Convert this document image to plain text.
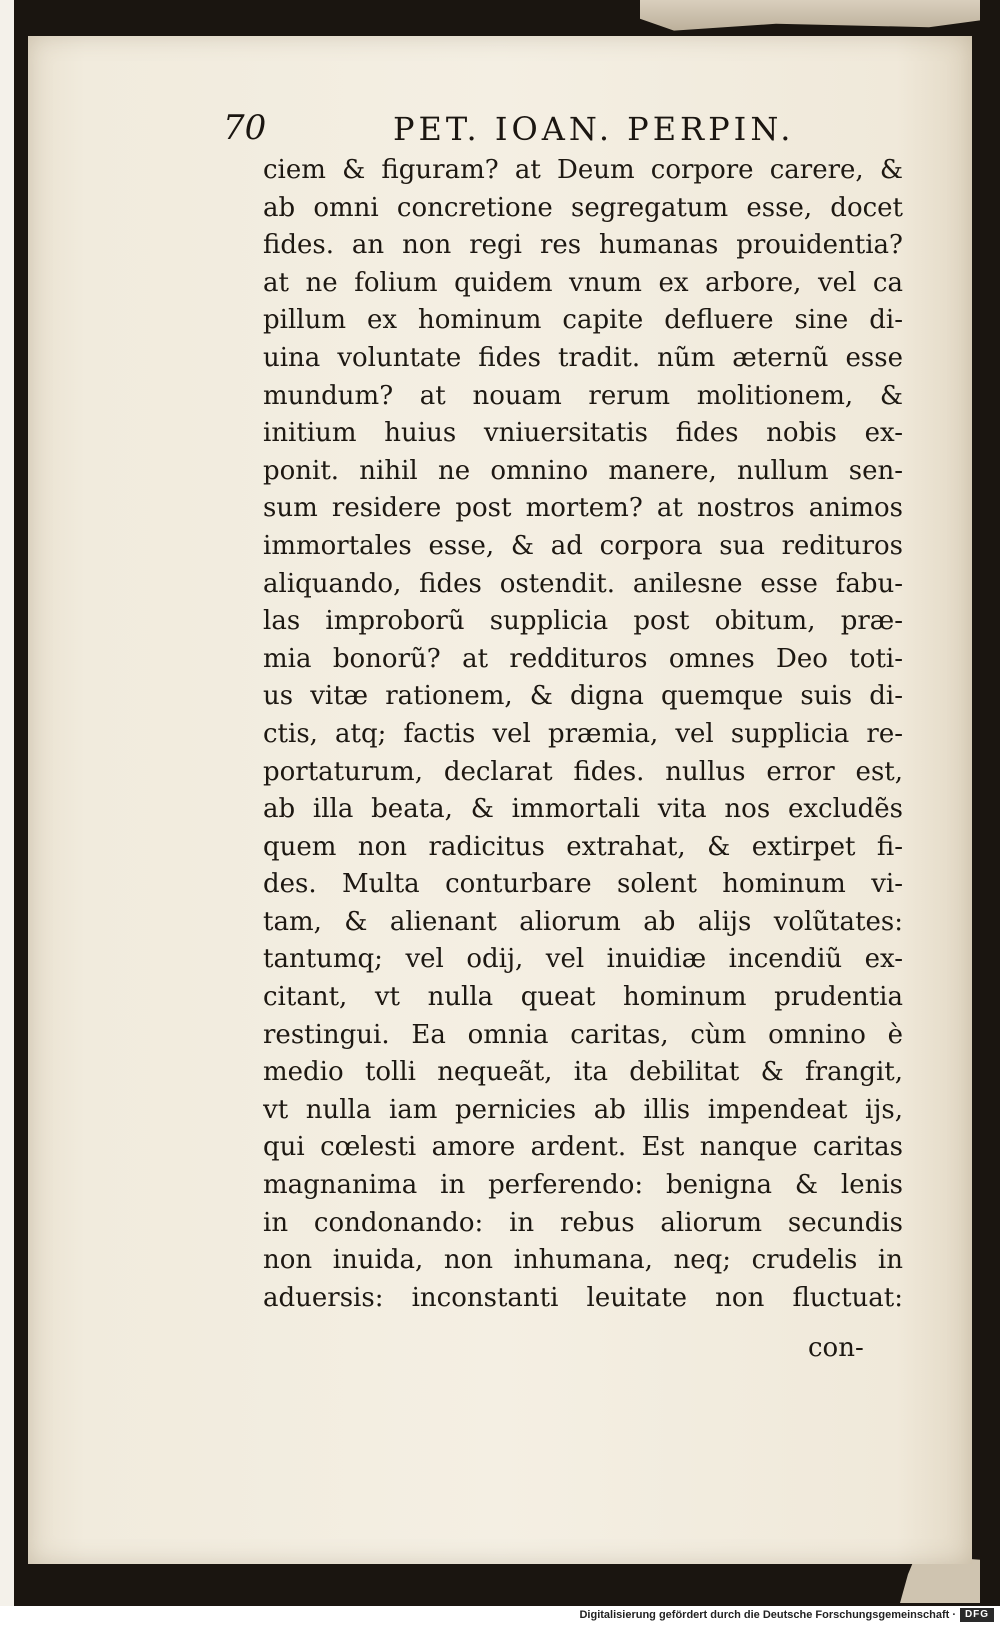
70	PET. IOAN. PERPIN.
ciem & figuram? at Deum corpore carere, &
ab omni concretione segregatum esse, docet
fides. an non regi res humanas prouidentia?
at ne folium quidem vnum ex arbore, vel ca
pillum ex hominum capite defluere sine di-
uina voluntate fides tradit. nũm æternũ esse
mundum? at nouam rerum molitionem, &
initium huius vniuersitatis fides nobis ex-
ponit. nihil ne omnino manere, nullum sen-
sum residere post mortem? at nostros animos
immortales esse, & ad corpora sua redituros
aliquando, fides ostendit. anilesne esse fabu-
las improborũ supplicia post obitum, præ-
mia bonorũ? at reddituros omnes Deo toti-
us vitæ rationem, & digna quemque suis di-
ctis, atq; factis vel præmia, vel supplicia re-
portaturum, declarat fides. nullus error est,
ab illa beata, & immortali vita nos excludẽs
quem non radicitus extrahat, & extirpet fi-
des. Multa conturbare solent hominum vi-
tam, & alienant aliorum ab alijs volũtates:
tantumq; vel odij, vel inuidiæ incendiũ ex-
citant, vt nulla queat hominum prudentia
restingui. Ea omnia caritas, cùm omnino è
medio tolli nequeãt, ita debilitat & frangit,
vt nulla iam pernicies ab illis impendeat ijs,
qui cœlesti amore ardent. Est nanque caritas
magnanima in perferendo: benigna & lenis
in condonando: in rebus aliorum secundis
non inuida, non inhumana, neq; crudelis in
aduersis: inconstanti leuitate non fluctuat:
con-
Digitalisierung gefördert durch die Deutsche Forschungsgemeinschaft · DFG
